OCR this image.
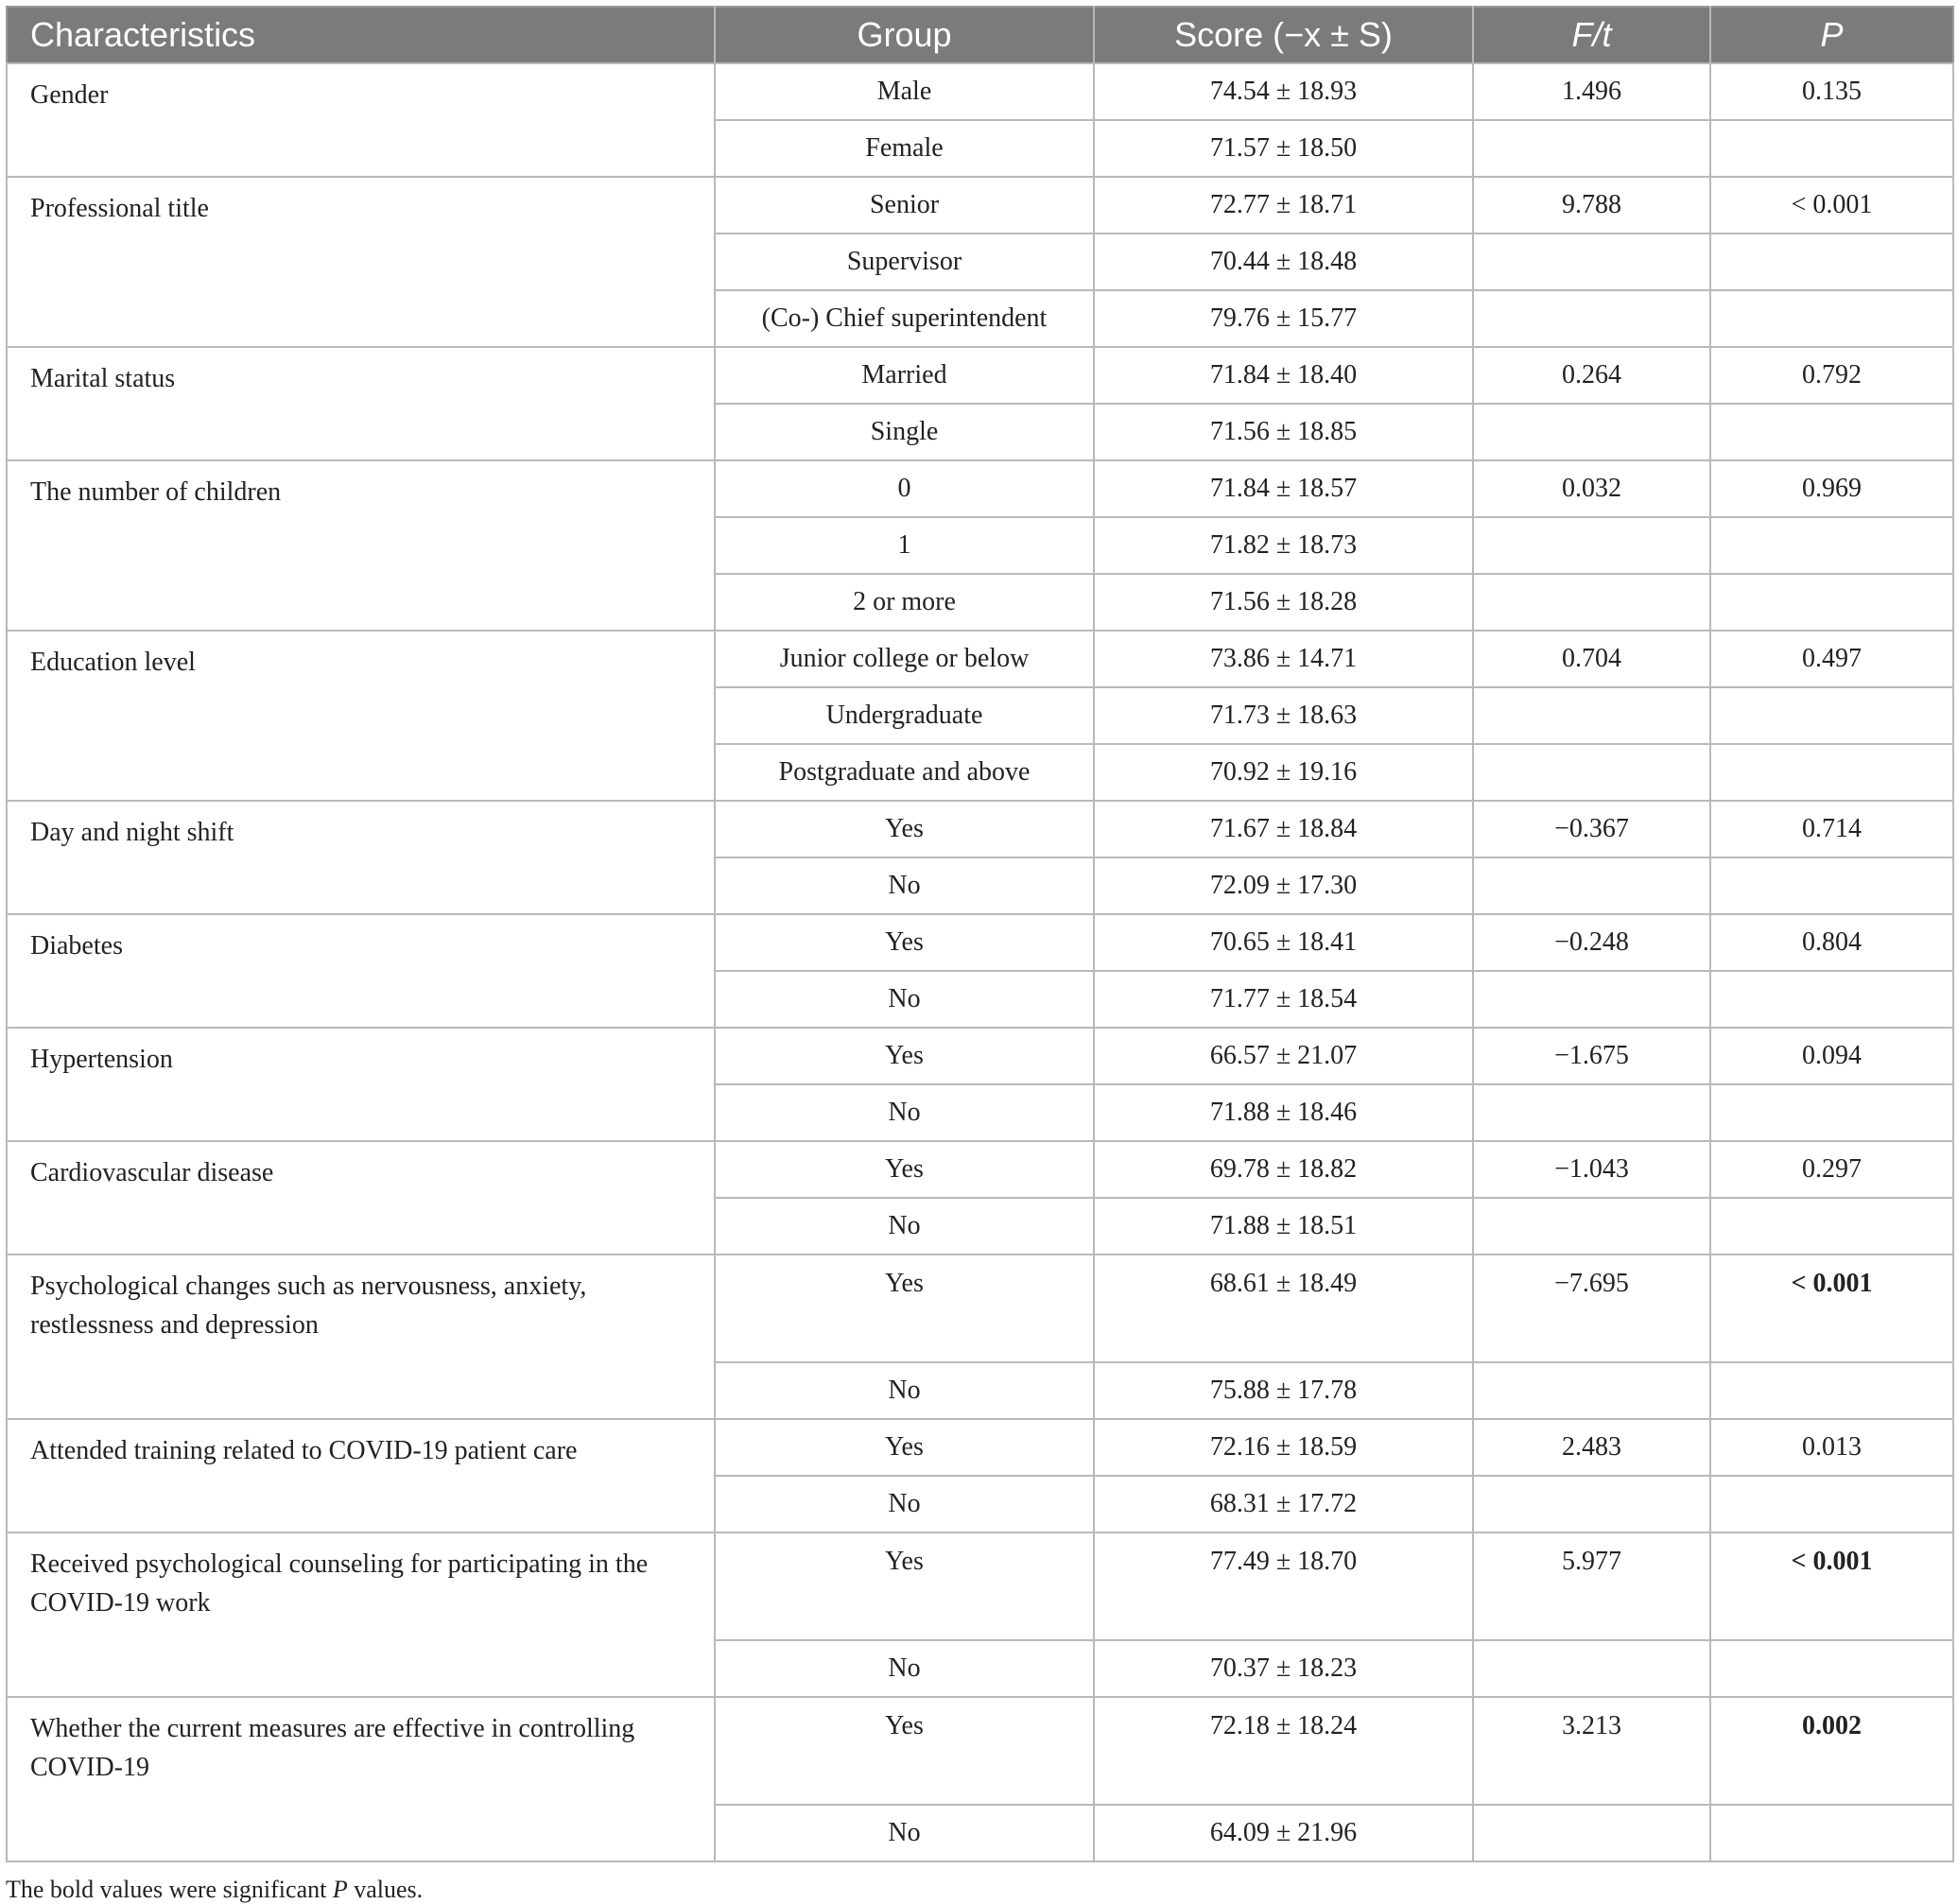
Characteristics	Group	Score (−x ± S)	F/t	P
Gender	Male	74.54 ± 18.93	1.496	0.135
	Female	71.57 ± 18.50		
Professional title	Senior	72.77 ± 18.71	9.788	< 0.001
	Supervisor	70.44 ± 18.48		
	(Co-) Chief superintendent	79.76 ± 15.77		
Marital status	Married	71.84 ± 18.40	0.264	0.792
	Single	71.56 ± 18.85		
The number of children	0	71.84 ± 18.57	0.032	0.969
	1	71.82 ± 18.73		
	2 or more	71.56 ± 18.28		
Education level	Junior college or below	73.86 ± 14.71	0.704	0.497
	Undergraduate	71.73 ± 18.63		
	Postgraduate and above	70.92 ± 19.16		
Day and night shift	Yes	71.67 ± 18.84	−0.367	0.714
	No	72.09 ± 17.30		
Diabetes	Yes	70.65 ± 18.41	−0.248	0.804
	No	71.77 ± 18.54		
Hypertension	Yes	66.57 ± 21.07	−1.675	0.094
	No	71.88 ± 18.46		
Cardiovascular disease	Yes	69.78 ± 18.82	−1.043	0.297
	No	71.88 ± 18.51		
Psychological changes such as nervousness, anxiety, restlessness and depression	Yes	68.61 ± 18.49	−7.695	< 0.001
	No	75.88 ± 17.78		
Attended training related to COVID-19 patient care	Yes	72.16 ± 18.59	2.483	0.013
	No	68.31 ± 17.72		
Received psychological counseling for participating in the COVID-19 work	Yes	77.49 ± 18.70	5.977	< 0.001
	No	70.37 ± 18.23		
Whether the current measures are effective in controlling COVID-19	Yes	72.18 ± 18.24	3.213	0.002
	No	64.09 ± 21.96		
The bold values were significant P values.
